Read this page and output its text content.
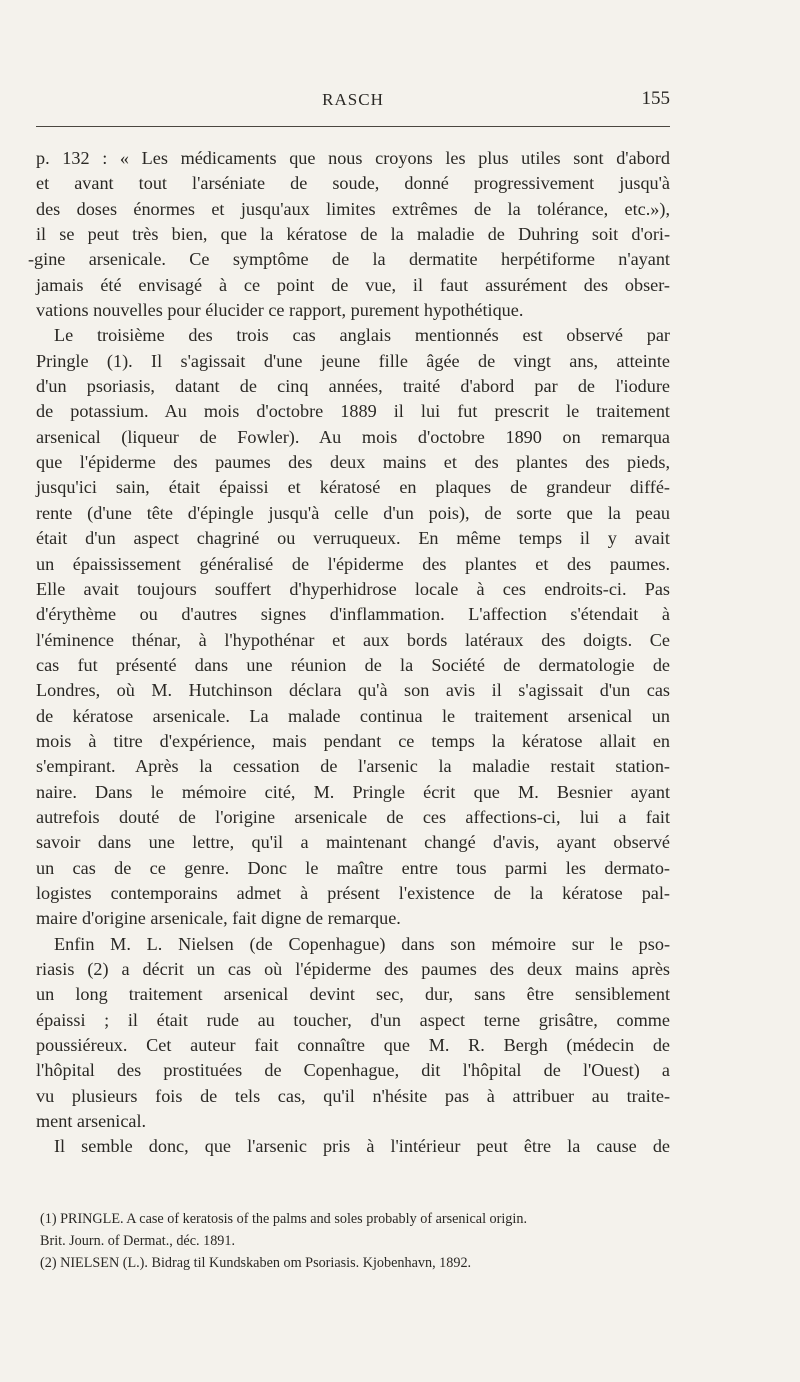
RASCH	155
p. 132 : « Les médicaments que nous croyons les plus utiles sont d'abord
et avant tout l'arséniate de soude, donné progressivement jusqu'à
des doses énormes et jusqu'aux limites extrêmes de la tolérance, etc.»),
il se peut très bien, que la kératose de la maladie de Duhring soit d'ori-
-gine arsenicale. Ce symptôme de la dermatite herpétiforme n'ayant
jamais été envisagé à ce point de vue, il faut assurément des obser-
vations nouvelles pour élucider ce rapport, purement hypothétique.
Le troisième des trois cas anglais mentionnés est observé par
Pringle (1). Il s'agissait d'une jeune fille âgée de vingt ans, atteinte
d'un psoriasis, datant de cinq années, traité d'abord par de l'iodure
de potassium. Au mois d'octobre 1889 il lui fut prescrit le traitement
arsenical (liqueur de Fowler). Au mois d'octobre 1890 on remarqua
que l'épiderme des paumes des deux mains et des plantes des pieds,
jusqu'ici sain, était épaissi et kératosé en plaques de grandeur diffé-
rente (d'une tête d'épingle jusqu'à celle d'un pois), de sorte que la peau
était d'un aspect chagriné ou verruqueux. En même temps il y avait
un épaississement généralisé de l'épiderme des plantes et des paumes.
Elle avait toujours souffert d'hyperhidrose locale à ces endroits-ci. Pas
d'érythème ou d'autres signes d'inflammation. L'affection s'étendait à
l'éminence thénar, à l'hypothénar et aux bords latéraux des doigts. Ce
cas fut présenté dans une réunion de la Société de dermatologie de
Londres, où M. Hutchinson déclara qu'à son avis il s'agissait d'un cas
de kératose arsenicale. La malade continua le traitement arsenical un
mois à titre d'expérience, mais pendant ce temps la kératose allait en
s'empirant. Après la cessation de l'arsenic la maladie restait station-
naire. Dans le mémoire cité, M. Pringle écrit que M. Besnier ayant
autrefois douté de l'origine arsenicale de ces affections-ci, lui a fait
savoir dans une lettre, qu'il a maintenant changé d'avis, ayant observé
un cas de ce genre. Donc le maître entre tous parmi les dermato-
logistes contemporains admet à présent l'existence de la kératose pal-
maire d'origine arsenicale, fait digne de remarque.
Enfin M. L. Nielsen (de Copenhague) dans son mémoire sur le pso-
riasis (2) a décrit un cas où l'épiderme des paumes des deux mains après
un long traitement arsenical devint sec, dur, sans être sensiblement
épaissi ; il était rude au toucher, d'un aspect terne grisâtre, comme
poussiéreux. Cet auteur fait connaître que M. R. Bergh (médecin de
l'hôpital des prostituées de Copenhague, dit l'hôpital de l'Ouest) a
vu plusieurs fois de tels cas, qu'il n'hésite pas à attribuer au traite-
ment arsenical.
Il semble donc, que l'arsenic pris à l'intérieur peut être la cause de
(1) PRINGLE. A case of keratosis of the palms and soles probably of arsenical origin.
Brit. Journ. of Dermat., déc. 1891.
(2) NIELSEN (L.). Bidrag til Kundskaben om Psoriasis. Kjobenhavn, 1892.
